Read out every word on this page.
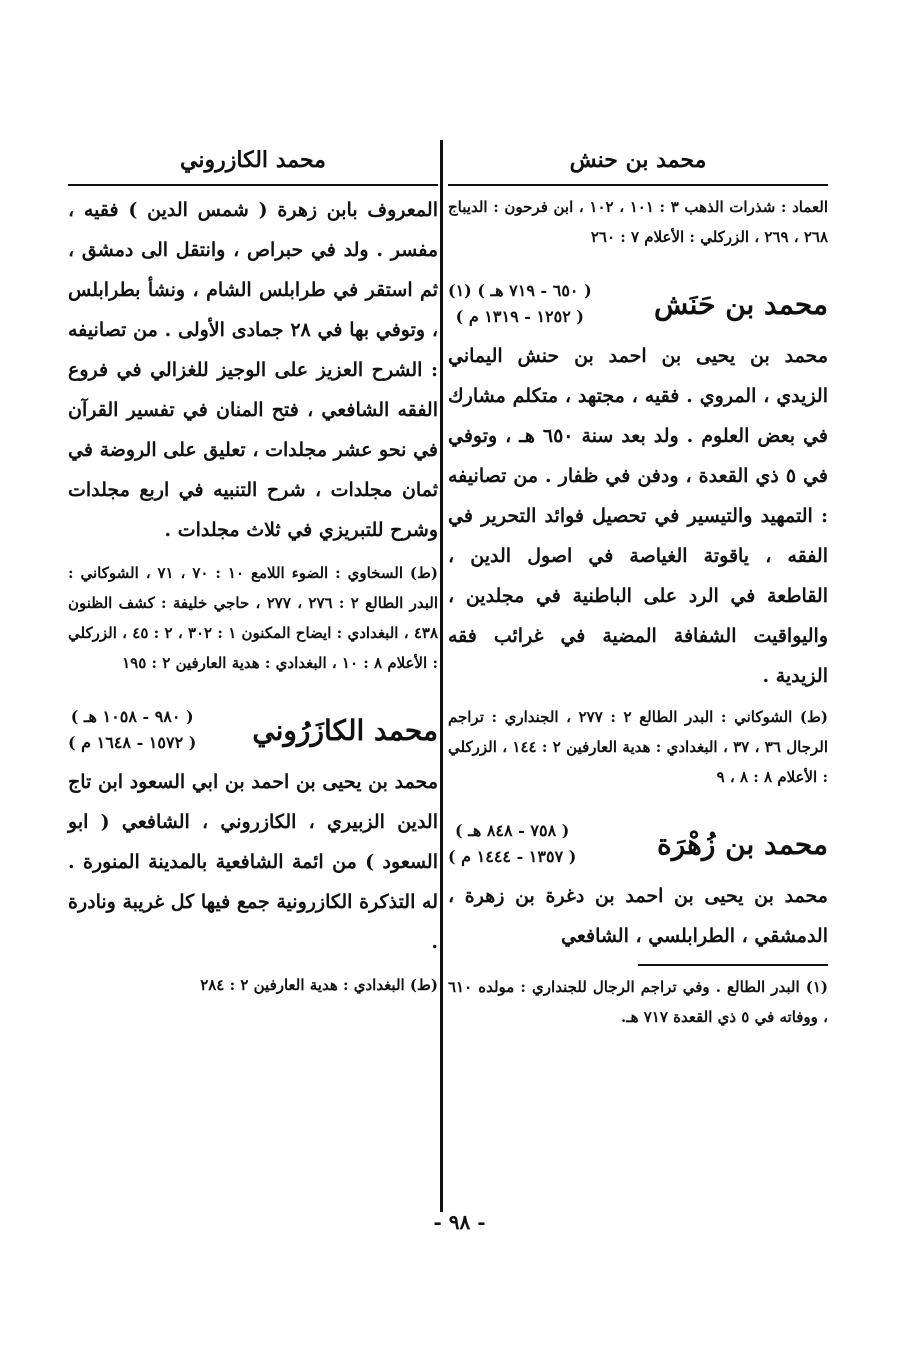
محمد بن حنش

العماد : شذرات الذهب ٣ : ١٠١ ، ١٠٢ ، ابن فرحون : الديباج ٢٦٨ ، ٢٦٩ ، الزركلي : الأعلام ٧ : ٢٦٠

محمد بن حَنَش
( ٦٥٠ - ٧١٩ هـ ) (١)
( ١٢٥٢ - ١٣١٩ م )

محمد بن يحيى بن احمد بن حنش اليماني الزيدي ، المروي . فقيه ، مجتهد ، متكلم مشارك في بعض العلوم . ولد بعد سنة ٦٥٠ هـ ، وتوفي في ٥ ذي القعدة ، ودفن في ظفار . من تصانيفه : التمهيد والتيسير في تحصيل فوائد التحرير في الفقه ، ياقوتة الغياصة في اصول الدين ، القاطعة في الرد على الباطنية في مجلدين ، واليواقيت الشفافة المضية في غرائب فقه الزيدية .

(ط) الشوكاني : البدر الطالع ٢ : ٢٧٧ ، الجنداري : تراجم الرجال ٣٦ ، ٣٧ ، البغدادي : هدية العارفين ٢ : ١٤٤ ، الزركلي : الأعلام ٨ : ٨ ، ٩

محمد بن زُهْرَة
( ٧٥٨ - ٨٤٨ هـ )
( ١٣٥٧ - ١٤٤٤ م )

محمد بن يحيى بن احمد بن دغرة بن زهرة ، الدمشقي ، الطرابلسي ، الشافعي

(١) البدر الطالع . وفي تراجم الرجال للجنداري : مولده ٦١٠ ، ووفاته في ٥ ذي القعدة ٧١٧ هـ.

محمد الكازروني

المعروف بابن زهرة ( شمس الدين ) فقيه ، مفسر . ولد في حبراص ، وانتقل الى دمشق ، ثم استقر في طرابلس الشام ، ونشأ بطرابلس ، وتوفي بها في ٢٨ جمادى الأولى . من تصانيفه : الشرح العزيز على الوجيز للغزالي في فروع الفقه الشافعي ، فتح المنان في تفسير القرآن في نحو عشر مجلدات ، تعليق على الروضة في ثمان مجلدات ، شرح التنبيه في اربع مجلدات وشرح للتبريزي في ثلاث مجلدات .

(ط) السخاوي : الضوء اللامع ١٠ : ٧٠ ، ٧١ ، الشوكاني : البدر الطالع ٢ : ٢٧٦ ، ٢٧٧ ، حاجي خليفة : كشف الظنون ٤٣٨ ، البغدادي : ايضاح المكنون ١ : ٣٠٢ ، ٢ : ٤٥ ، الزركلي : الأعلام ٨ : ١٠ ، البغدادي : هدية العارفين ٢ : ١٩٥

محمد الكازَرُوني
( ٩٨٠ - ١٠٥٨ هـ )
( ١٥٧٢ - ١٦٤٨ م )

محمد بن يحيى بن احمد بن ابي السعود ابن تاج الدين الزبيري ، الكازروني ، الشافعي ( ابو السعود ) من ائمة الشافعية بالمدينة المنورة . له التذكرة الكازرونية جمع فيها كل غريبة ونادرة .

(ط) البغدادي : هدية العارفين ٢ : ٢٨٤

- ٩٨ -
